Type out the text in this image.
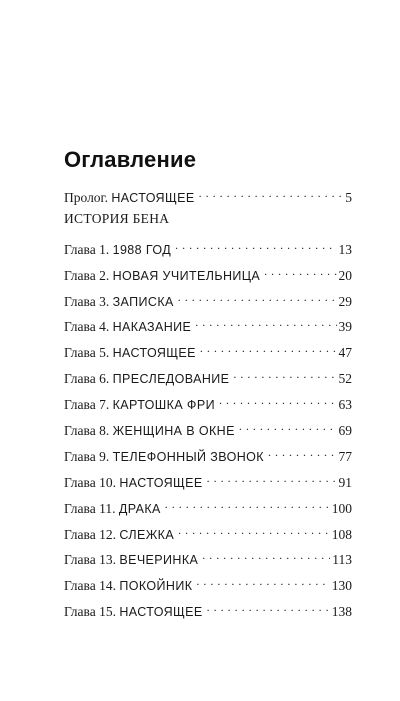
Оглавление
Пролог. НАСТОЯЩЕЕ . . .	5
ИСТОРИЯ БЕНА
Глава 1. 1988 ГОД . . .	13
Глава 2. НОВАЯ УЧИТЕЛЬНИЦА . . .	20
Глава 3. ЗАПИСКА . . .	29
Глава 4. НАКАЗАНИЕ . . .	39
Глава 5. НАСТОЯЩЕЕ . . .	47
Глава 6. ПРЕСЛЕДОВАНИЕ . . .	52
Глава 7. КАРТОШКА ФРИ . . .	63
Глава 8. ЖЕНЩИНА В ОКНЕ . . .	69
Глава 9. ТЕЛЕФОННЫЙ ЗВОНОК . . .	77
Глава 10. НАСТОЯЩЕЕ . . .	91
Глава 11. ДРАКА . . .	100
Глава 12. СЛЕЖКА . . .	108
Глава 13. ВЕЧЕРИНКА . . .	113
Глава 14. ПОКОЙНИК . . .	130
Глава 15. НАСТОЯЩЕЕ . . .	138
